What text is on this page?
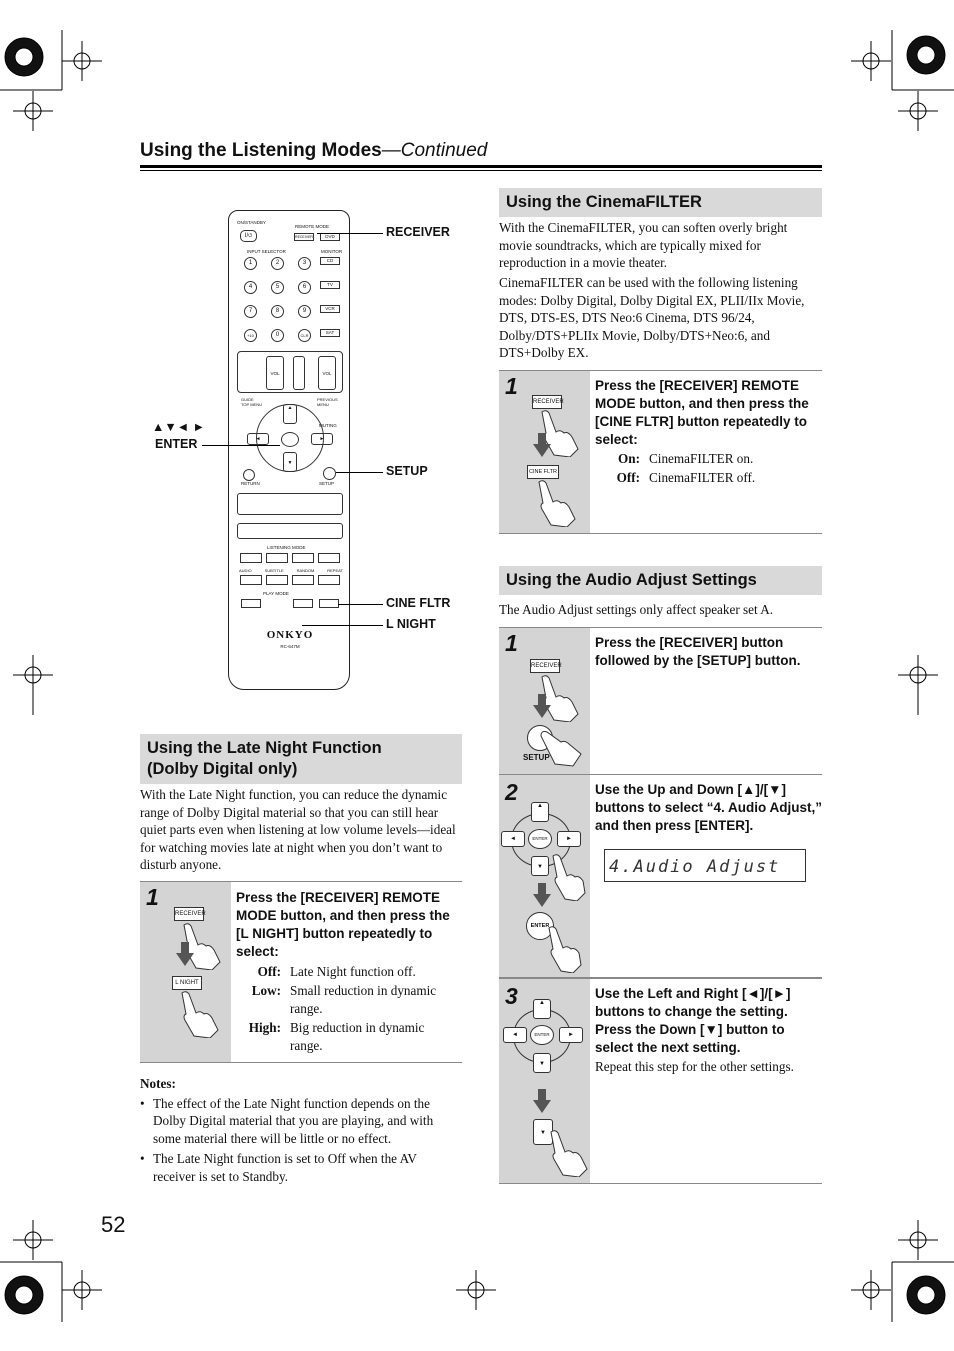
Using the Listening Modes—Continued
ON/STANDBY
I/⏻
REMOTE MODE
RECEIVER	DVD
INPUT SELECTOR	MONITOR
1	2	3
4	5	6
7	8	9
+10	0	CLR
CD
TV
VCR
SAT
VOL	VOL
GUIDE
TOP MENU
PREVIOUS
MENU
MUTING
▲
▼
◄	►
RETURN	SETUP
LISTENING MODE
AUDIO	SUBTITLE	RANDOM	REPEAT
PLAY MODE
ONKYO
RC-647M
RECEIVER
▲▼◄ ►
ENTER
SETUP
CINE FLTR
L NIGHT
Using the Late Night Function
(Dolby Digital only)
With the Late Night function, you can reduce the dynamic range of Dolby Digital material so that you can still hear quiet parts even when listening at low volume levels—ideal for watching movies late at night when you don’t want to disturb anyone.
1
RECEIVER
L NIGHT
Press the [RECEIVER] REMOTE MODE button, and then press the [L NIGHT] button repeatedly to select:
Off: Late Night function off.
Low: Small reduction in dynamic range.
High: Big reduction in dynamic range.
Notes:
• The effect of the Late Night function depends on the Dolby Digital material that you are playing, and with some material there will be little or no effect.
• The Late Night function is set to Off when the AV receiver is set to Standby.
Using the CinemaFILTER
With the CinemaFILTER, you can soften overly bright movie soundtracks, which are typically mixed for reproduction in a movie theater.
CinemaFILTER can be used with the following listening modes: Dolby Digital, Dolby Digital EX, PLII/IIx Movie, DTS, DTS-ES, DTS Neo:6 Cinema, DTS 96/24, Dolby/DTS+PLIIx Movie, Dolby/DTS+Neo:6, and DTS+Dolby EX.
1
RECEIVER
CINE FLTR
Press the [RECEIVER] REMOTE MODE button, and then press the [CINE FLTR] button repeatedly to select:
On: CinemaFILTER on.
Off: CinemaFILTER off.
Using the Audio Adjust Settings
The Audio Adjust settings only affect speaker set A.
1
RECEIVER
SETUP
Press the [RECEIVER] button followed by the [SETUP] button.
2
▲
▼
◄	►
ENTER
ENTER
Use the Up and Down [▲]/[▼] buttons to select “4. Audio Adjust,” and then press [ENTER].
4.Audio Adjust
3	▲
▼
◄	►
ENTER
▼
Use the Left and Right [◄]/[►] buttons to change the setting.
Press the Down [▼] button to select the next setting.
Repeat this step for the other settings.
52
